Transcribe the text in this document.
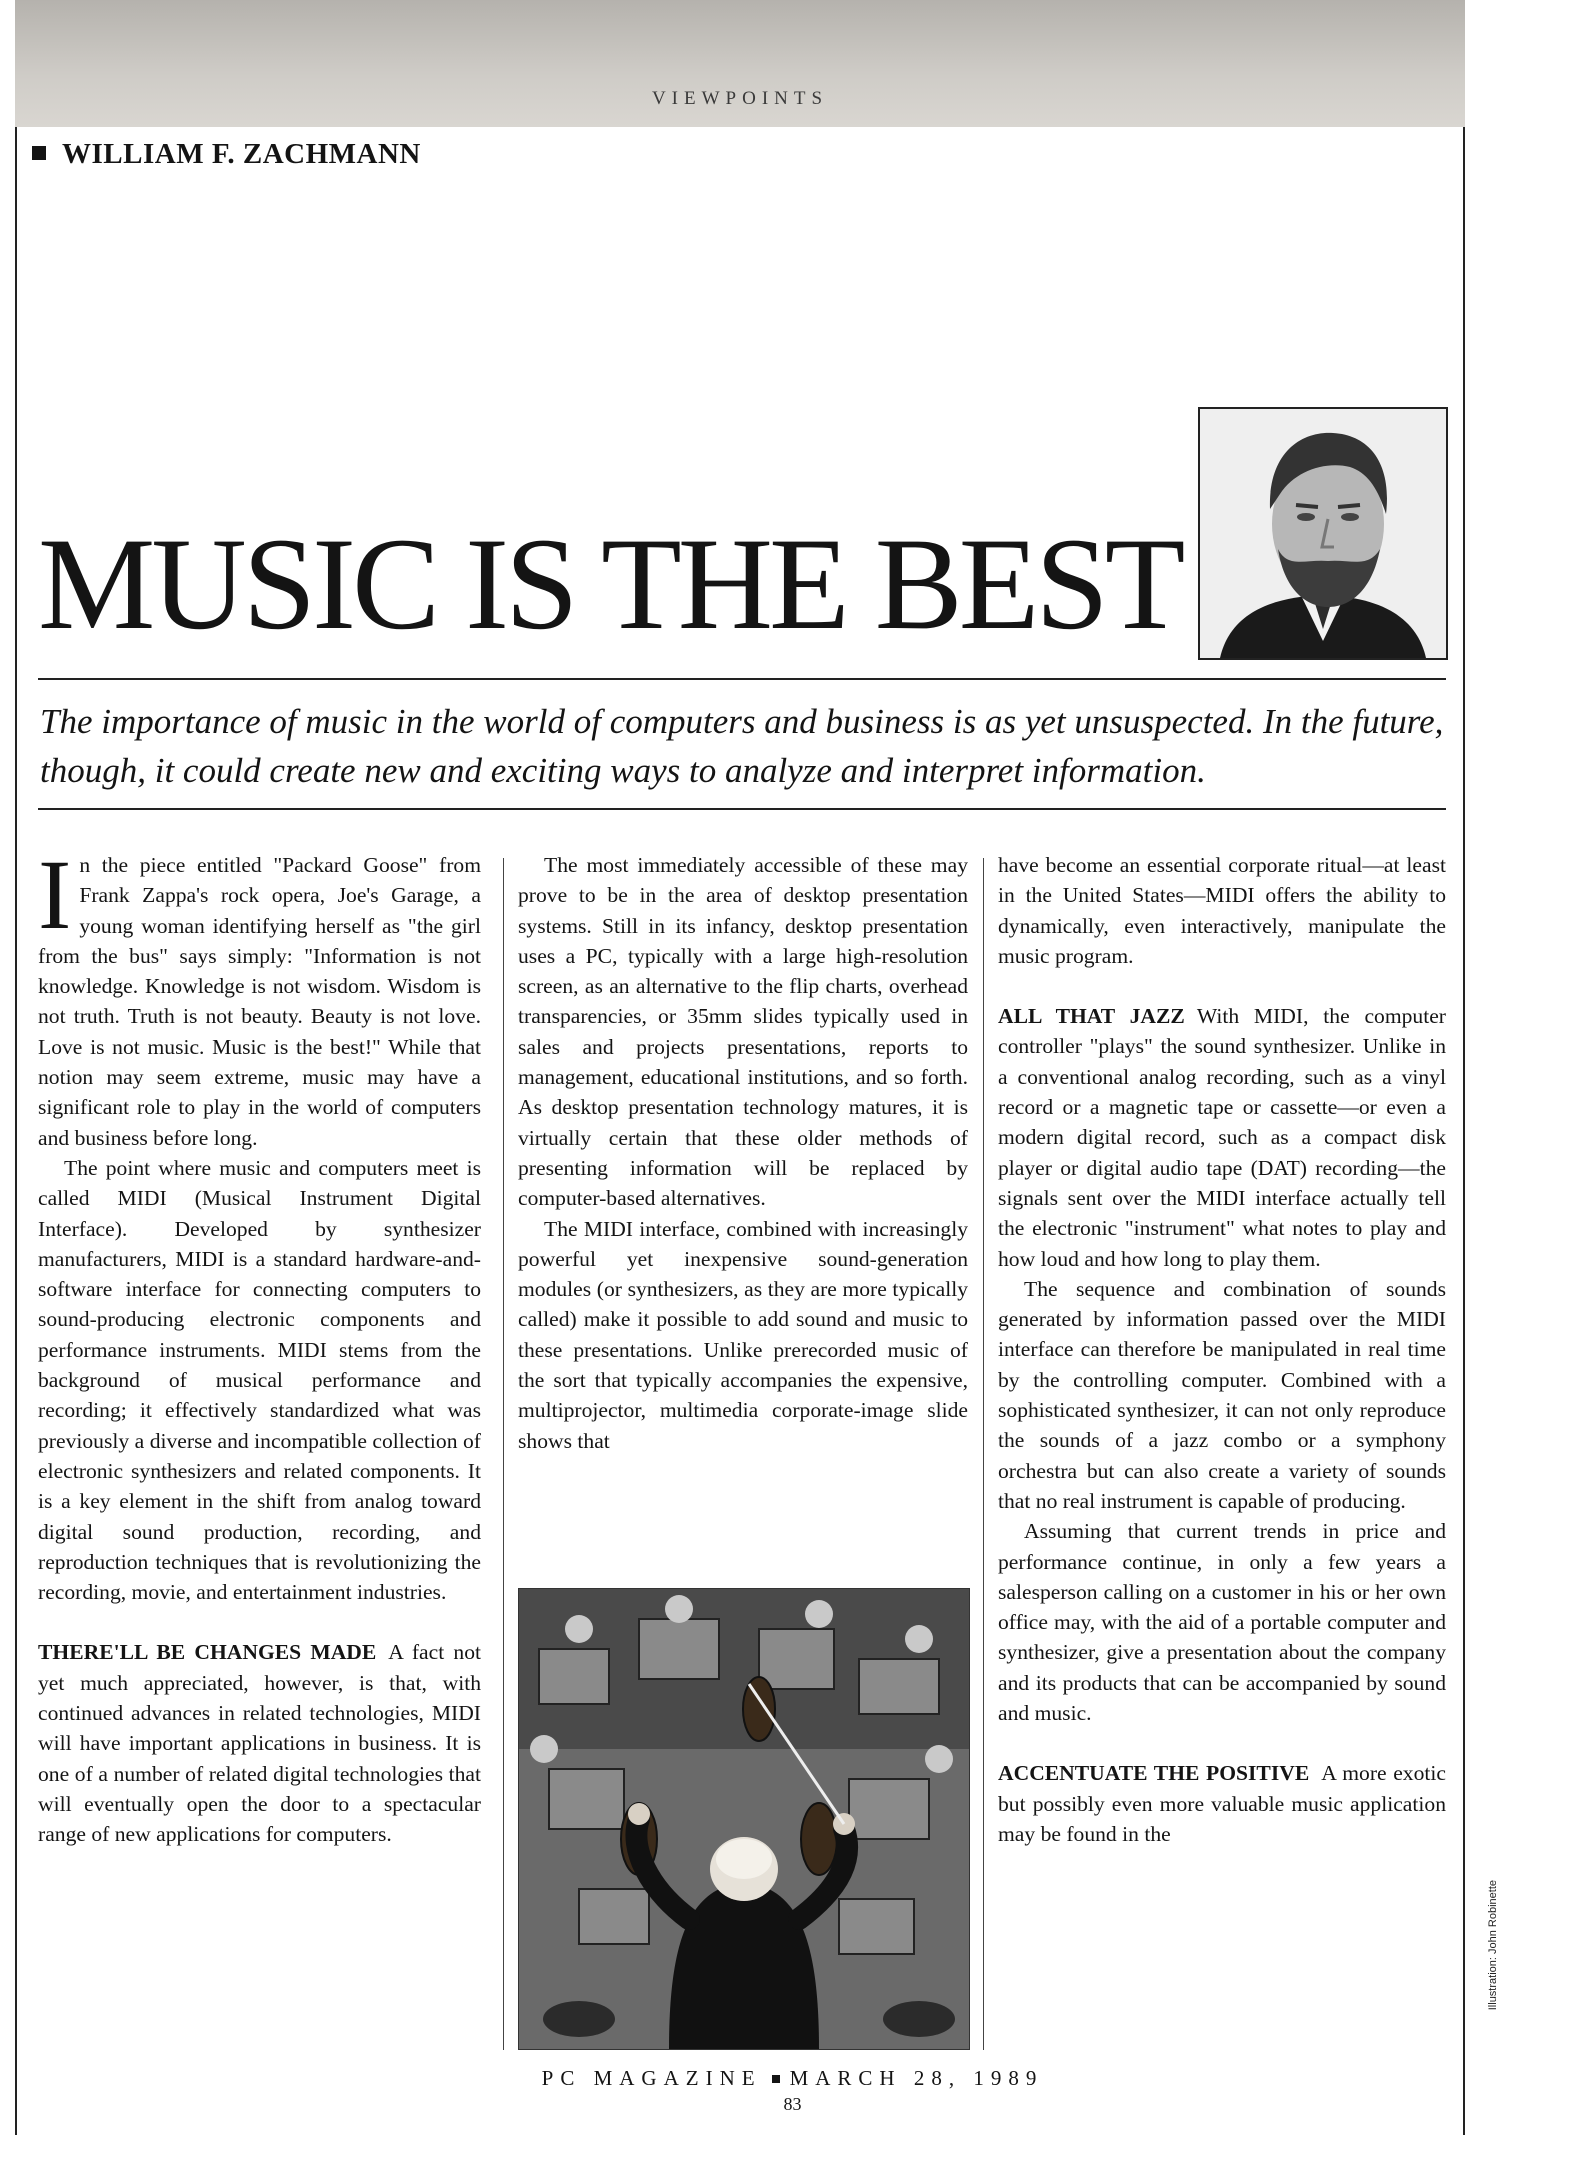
VIEWPOINTS
WILLIAM F. ZACHMANN
MUSIC IS THE BEST
The importance of music in the world of computers and business is as yet unsuspected. In the future, though, it could create new and exciting ways to analyze and interpret information.

In the piece entitled "Packard Goose" from Frank Zappa's rock opera, Joe's Garage, a young woman identifying herself as "the girl from the bus" says simply: "Information is not knowledge. Knowledge is not wisdom. Wisdom is not truth. Truth is not beauty. Beauty is not love. Love is not music. Music is the best!" While that notion may seem extreme, music may have a significant role to play in the world of computers and business before long.

The point where music and computers meet is called MIDI (Musical Instrument Digital Interface). Developed by synthesizer manufacturers, MIDI is a standard hardware-and-software interface for connecting computers to sound-producing electronic components and performance instruments. MIDI stems from the background of musical performance and recording; it effectively standardized what was previously a diverse and incompatible collection of electronic synthesizers and related components. It is a key element in the shift from analog toward digital sound production, recording, and reproduction techniques that is revolutionizing the recording, movie, and entertainment industries.

THERE'LL BE CHANGES MADE A fact not yet much appreciated, however, is that, with continued advances in related technologies, MIDI will have important applications in business. It is one of a number of related digital technologies that will eventually open the door to a spectacular range of new applications for computers.

The most immediately accessible of these may prove to be in the area of desktop presentation systems. Still in its infancy, desktop presentation uses a PC, typically with a large high-resolution screen, as an alternative to the flip charts, overhead transparencies, or 35mm slides typically used in sales and projects presentations, reports to management, educational institutions, and so forth. As desktop presentation technology matures, it is virtually certain that these older methods of presenting information will be replaced by computer-based alternatives.

The MIDI interface, combined with increasingly powerful yet inexpensive sound-generation modules (or synthesizers, as they are more typically called) make it possible to add sound and music to these presentations. Unlike prerecorded music of the sort that typically accompanies the expensive, multiprojector, multimedia corporate-image slide shows that

have become an essential corporate ritual—at least in the United States—MIDI offers the ability to dynamically, even interactively, manipulate the music program.

ALL THAT JAZZ With MIDI, the computer controller "plays" the sound synthesizer. Unlike in a conventional analog recording, such as a vinyl record or a magnetic tape or cassette—or even a modern digital record, such as a compact disk player or digital audio tape (DAT) recording—the signals sent over the MIDI interface actually tell the electronic "instrument" what notes to play and how loud and how long to play them.

The sequence and combination of sounds generated by information passed over the MIDI interface can therefore be manipulated in real time by the controlling computer. Combined with a sophisticated synthesizer, it can not only reproduce the sounds of a jazz combo or a symphony orchestra but can also create a variety of sounds that no real instrument is capable of producing.

Assuming that current trends in price and performance continue, in only a few years a salesperson calling on a customer in his or her own office may, with the aid of a portable computer and synthesizer, give a presentation about the company and its products that can be accompanied by sound and music.

ACCENTUATE THE POSITIVE A more exotic but possibly even more valuable music application may be found in the

Illustration: John Robinette
PC MAGAZINE MARCH 28, 1989
83
